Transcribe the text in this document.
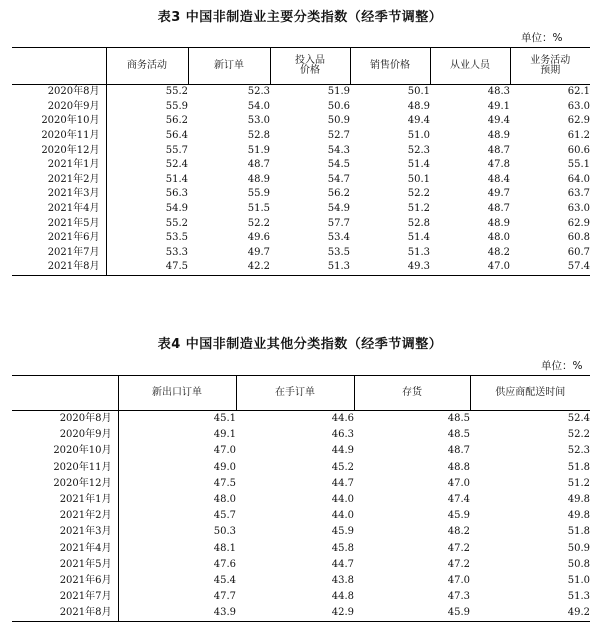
表3 中国非制造业主要分类指数（经季节调整）
单位：%
	商务活动	新订单	投入品
价格	销售价格	从业人员	业务活动
预期
2020年8月	55.2	52.3	51.9	50.1	48.3	62.1
2020年9月	55.9	54.0	50.6	48.9	49.1	63.0
2020年10月	56.2	53.0	50.9	49.4	49.4	62.9
2020年11月	56.4	52.8	52.7	51.0	48.9	61.2
2020年12月	55.7	51.9	54.3	52.3	48.7	60.6
2021年1月	52.4	48.7	54.5	51.4	47.8	55.1
2021年2月	51.4	48.9	54.7	50.1	48.4	64.0
2021年3月	56.3	55.9	56.2	52.2	49.7	63.7
2021年4月	54.9	51.5	54.9	51.2	48.7	63.0
2021年5月	55.2	52.2	57.7	52.8	48.9	62.9
2021年6月	53.5	49.6	53.4	51.4	48.0	60.8
2021年7月	53.3	49.7	53.5	51.3	48.2	60.7
2021年8月	47.5	42.2	51.3	49.3	47.0	57.4
表4 中国非制造业其他分类指数（经季节调整）
单位：%
	新出口订单	在手订单	存货	供应商配送时间
2020年8月	45.1	44.6	48.5	52.4
2020年9月	49.1	46.3	48.5	52.2
2020年10月	47.0	44.9	48.7	52.3
2020年11月	49.0	45.2	48.8	51.8
2020年12月	47.5	44.7	47.0	51.2
2021年1月	48.0	44.0	47.4	49.8
2021年2月	45.7	44.0	45.9	49.8
2021年3月	50.3	45.9	48.2	51.8
2021年4月	48.1	45.8	47.2	50.9
2021年5月	47.6	44.7	47.2	50.8
2021年6月	45.4	43.8	47.0	51.0
2021年7月	47.7	44.8	47.3	51.3
2021年8月	43.9	42.9	45.9	49.2
